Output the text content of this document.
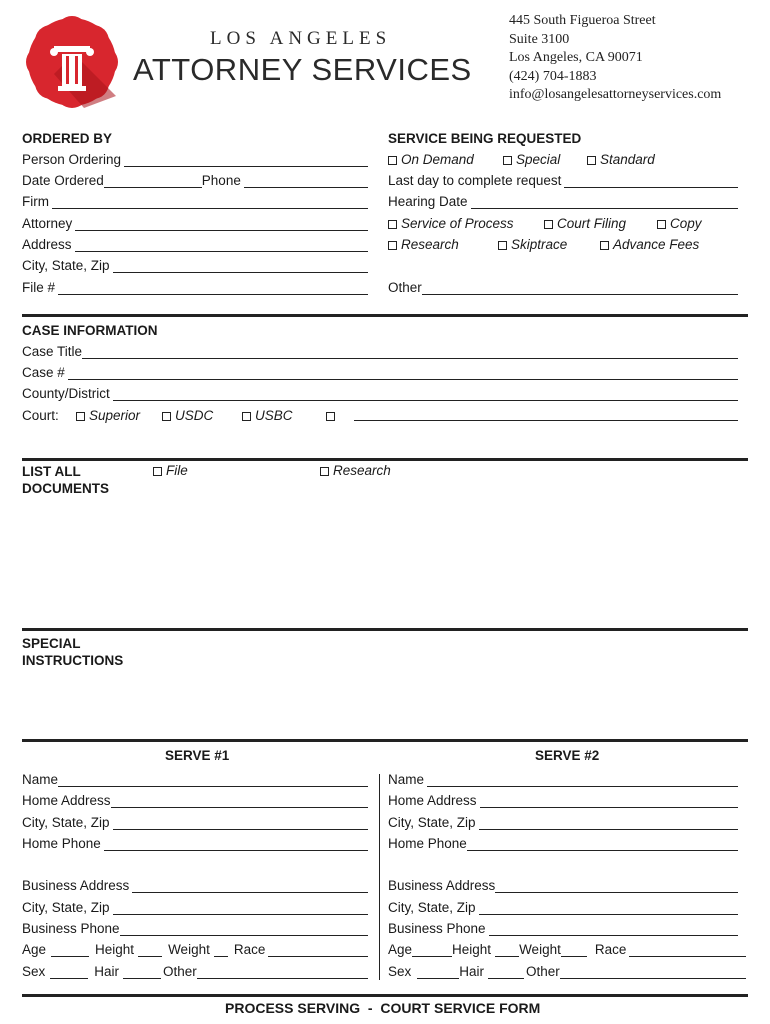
LOS ANGELES
ATTORNEY SERVICES
445 South Figueroa Street
Suite 3100
Los Angeles, CA 90071
(424) 704-1883
info@losangelesattorneyservices.com
ORDERED BY
Person Ordering
Date Ordered	Phone
Firm
Attorney
Address
City, State, Zip
File #
SERVICE BEING REQUESTED
On Demand	Special	Standard
Last day to complete request
Hearing Date
Service of Process	Court Filing	Copy
Research	Skiptrace	Advance Fees
Other
CASE INFORMATION
Case Title
Case #
County/District
Court:	Superior	USDC	USBC
LIST ALL
DOCUMENTS
File	Research
SPECIAL
INSTRUCTIONS
SERVE #1
Name
Home Address
City, State, Zip
Home Phone
Business Address
City, State, Zip
Business Phone
Age	Height	Weight Race
Sex	Hair	Other
SERVE #2
Name
Home Address
City, State, Zip
Home Phone
Business Address
City, State, Zip
Business Phone
Age	Height Weight	Race
Sex	Hair	Other
PROCESS SERVING  -  COURT SERVICE FORM
